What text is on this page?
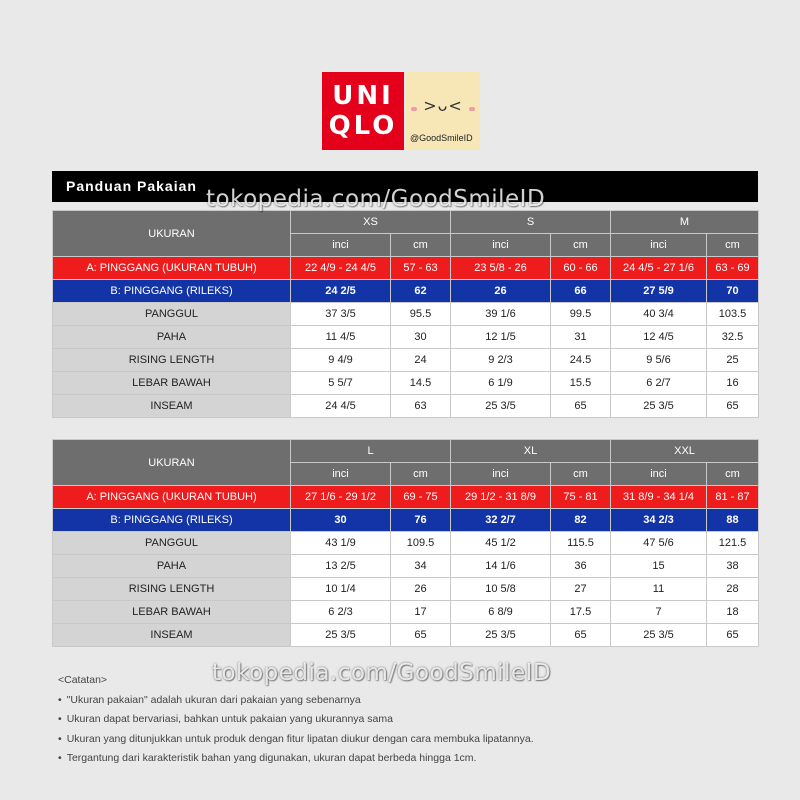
UNI
QLO
>ᴗ<
@GoodSmileID
Panduan Pakaian tokopedia.com/GoodSmileID
UKURAN	XS		S		M	
	inci	cm	inci	cm	inci	cm
A: PINGGANG (UKURAN TUBUH)	22 4/9 - 24 4/5	57 - 63	23 5/8 - 26	60 - 66	24 4/5 - 27 1/6	63 - 69
B: PINGGANG (RILEKS)	24 2/5	62	26	66	27 5/9	70
PANGGUL	37 3/5	95.5	39 1/6	99.5	40 3/4	103.5
PAHA	11 4/5	30	12 1/5	31	12 4/5	32.5
RISING LENGTH	9 4/9	24	9 2/3	24.5	9 5/6	25
LEBAR BAWAH	5 5/7	14.5	6 1/9	15.5	6 2/7	16
INSEAM	24 4/5	63	25 3/5	65	25 3/5	65
UKURAN	L		XL		XXL	
	inci	cm	inci	cm	inci	cm
A: PINGGANG (UKURAN TUBUH)	27 1/6 - 29 1/2	69 - 75	29 1/2 - 31 8/9	75 - 81	31 8/9 - 34 1/4	81 - 87
B: PINGGANG (RILEKS)	30	76	32 2/7	82	34 2/3	88
PANGGUL	43 1/9	109.5	45 1/2	115.5	47 5/6	121.5
PAHA	13 2/5	34	14 1/6	36	15	38
RISING LENGTH	10 1/4	26	10 5/8	27	11	28
LEBAR BAWAH	6 2/3	17	6 8/9	17.5	7	18
INSEAM	25 3/5	65	25 3/5	65	25 3/5	65
tokopedia.com/GoodSmileID
<Catatan>
• "Ukuran pakaian" adalah ukuran dari pakaian yang sebenarnya
• Ukuran dapat bervariasi, bahkan untuk pakaian yang ukurannya sama
• Ukuran yang ditunjukkan untuk produk dengan fitur lipatan diukur dengan cara membuka lipatannya.
• Tergantung dari karakteristik bahan yang digunakan, ukuran dapat berbeda hingga 1cm.
